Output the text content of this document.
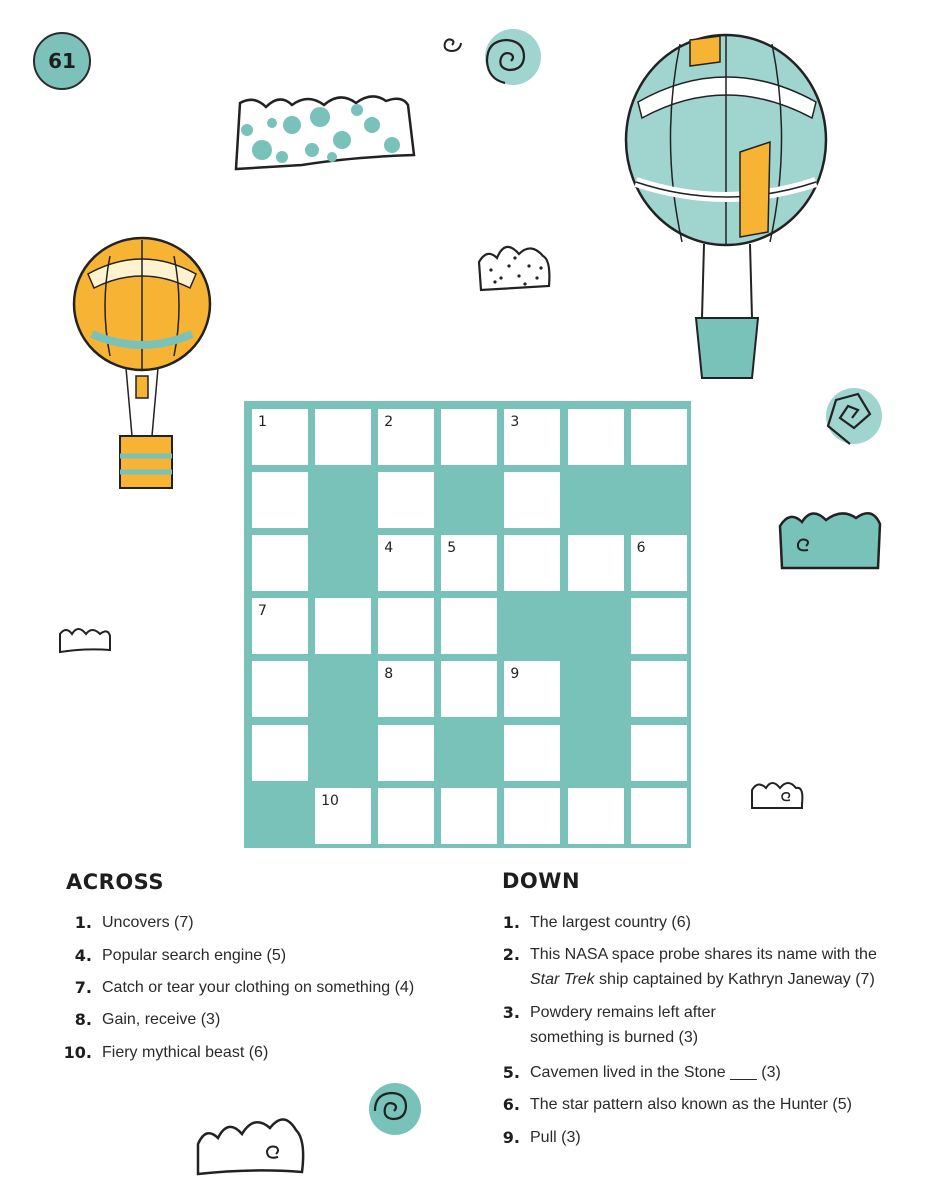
61
1	2	3
4	5	6
7
8	9
10
ACROSS	DOWN
1. Uncovers (7)
4. Popular search engine (5)
7. Catch or tear your clothing on something (4)
8. Gain, receive (3)
10. Fiery mythical beast (6)
1. The largest country (6)
2. This NASA space probe shares its name with the
Star Trek ship captained by Kathryn Janeway (7)
3. Powdery remains left after
something is burned (3)
5. Cavemen lived in the Stone ___ (3)
6. The star pattern also known as the Hunter (5)
9. Pull (3)
